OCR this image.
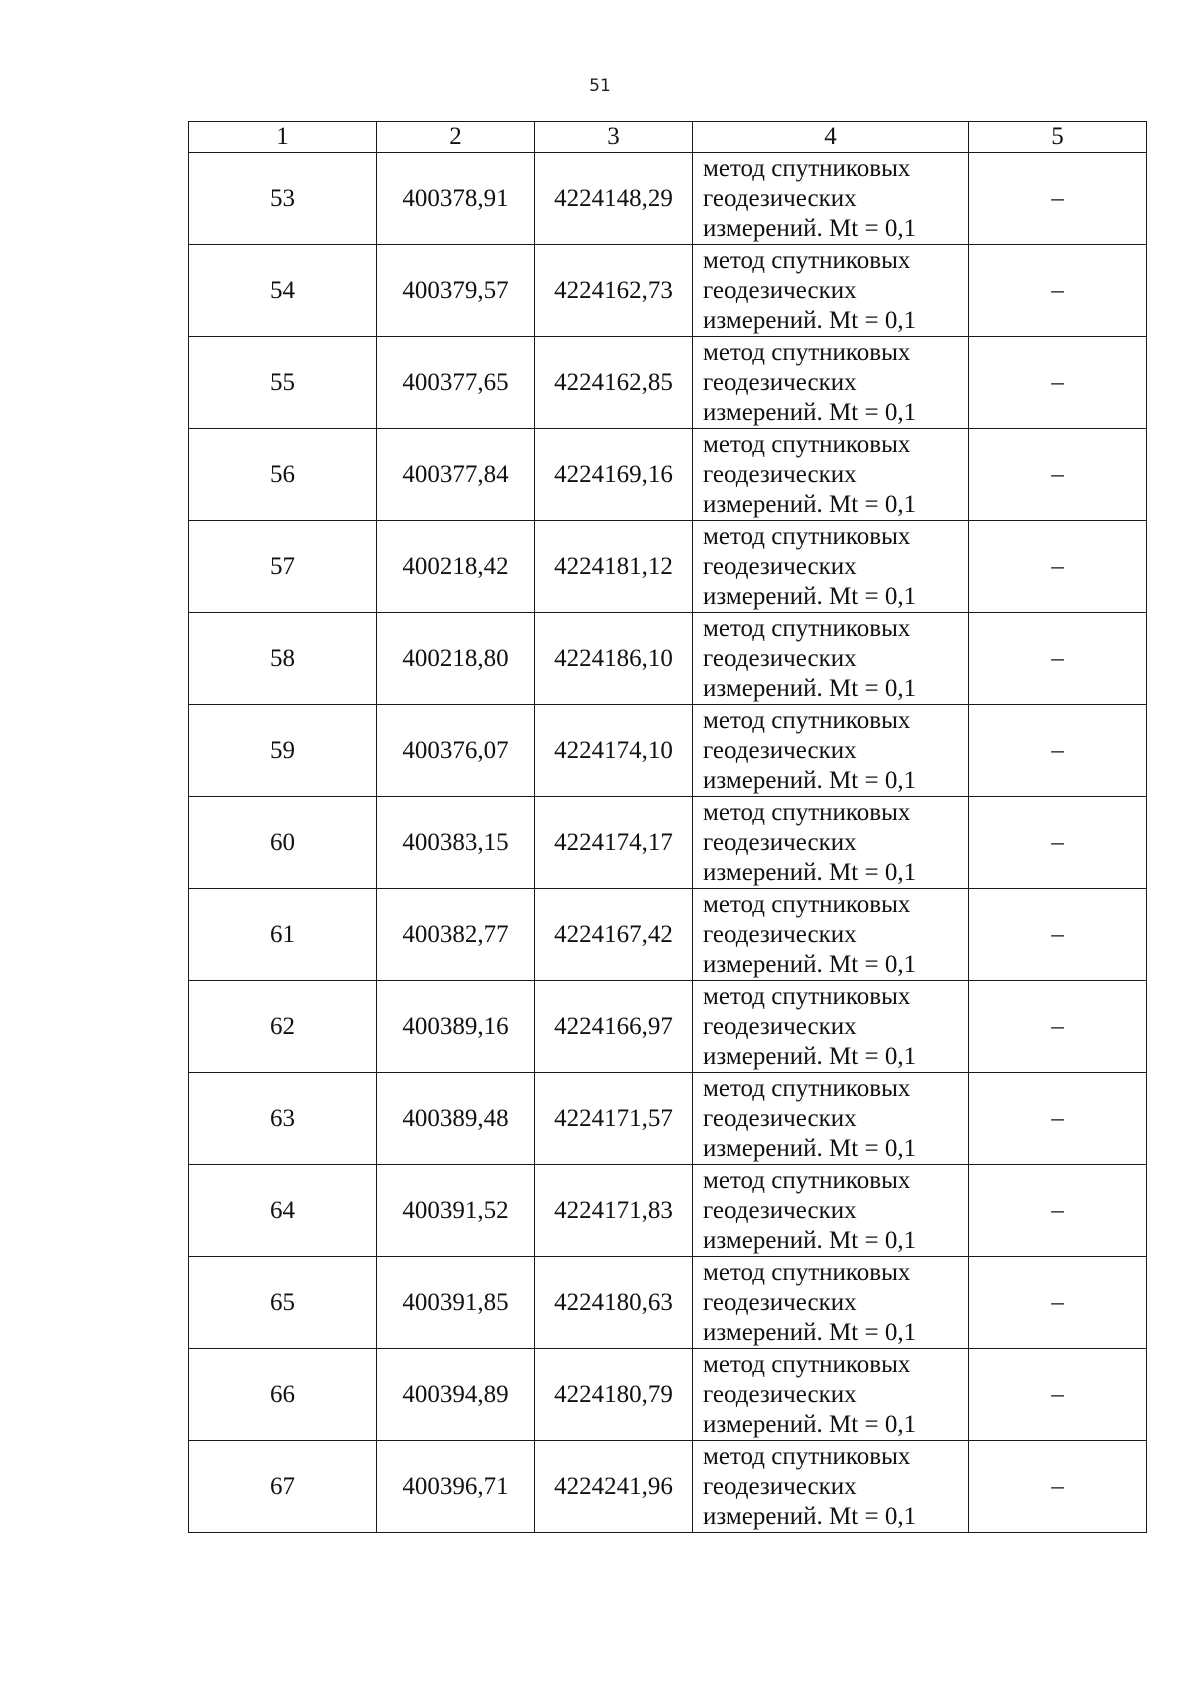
51
1	2	3	4	5
53	400378,91	4224148,29	метод спутниковых
геодезических
измерений. Mt = 0,1	–
54	400379,57	4224162,73	метод спутниковых
геодезических
измерений. Mt = 0,1	–
55	400377,65	4224162,85	метод спутниковых
геодезических
измерений. Mt = 0,1	–
56	400377,84	4224169,16	метод спутниковых
геодезических
измерений. Mt = 0,1	–
57	400218,42	4224181,12	метод спутниковых
геодезических
измерений. Mt = 0,1	–
58	400218,80	4224186,10	метод спутниковых
геодезических
измерений. Mt = 0,1	–
59	400376,07	4224174,10	метод спутниковых
геодезических
измерений. Mt = 0,1	–
60	400383,15	4224174,17	метод спутниковых
геодезических
измерений. Mt = 0,1	–
61	400382,77	4224167,42	метод спутниковых
геодезических
измерений. Mt = 0,1	–
62	400389,16	4224166,97	метод спутниковых
геодезических
измерений. Mt = 0,1	–
63	400389,48	4224171,57	метод спутниковых
геодезических
измерений. Mt = 0,1	–
64	400391,52	4224171,83	метод спутниковых
геодезических
измерений. Mt = 0,1	–
65	400391,85	4224180,63	метод спутниковых
геодезических
измерений. Mt = 0,1	–
66	400394,89	4224180,79	метод спутниковых
геодезических
измерений. Mt = 0,1	–
67	400396,71	4224241,96	метод спутниковых
геодезических
измерений. Mt = 0,1	–
